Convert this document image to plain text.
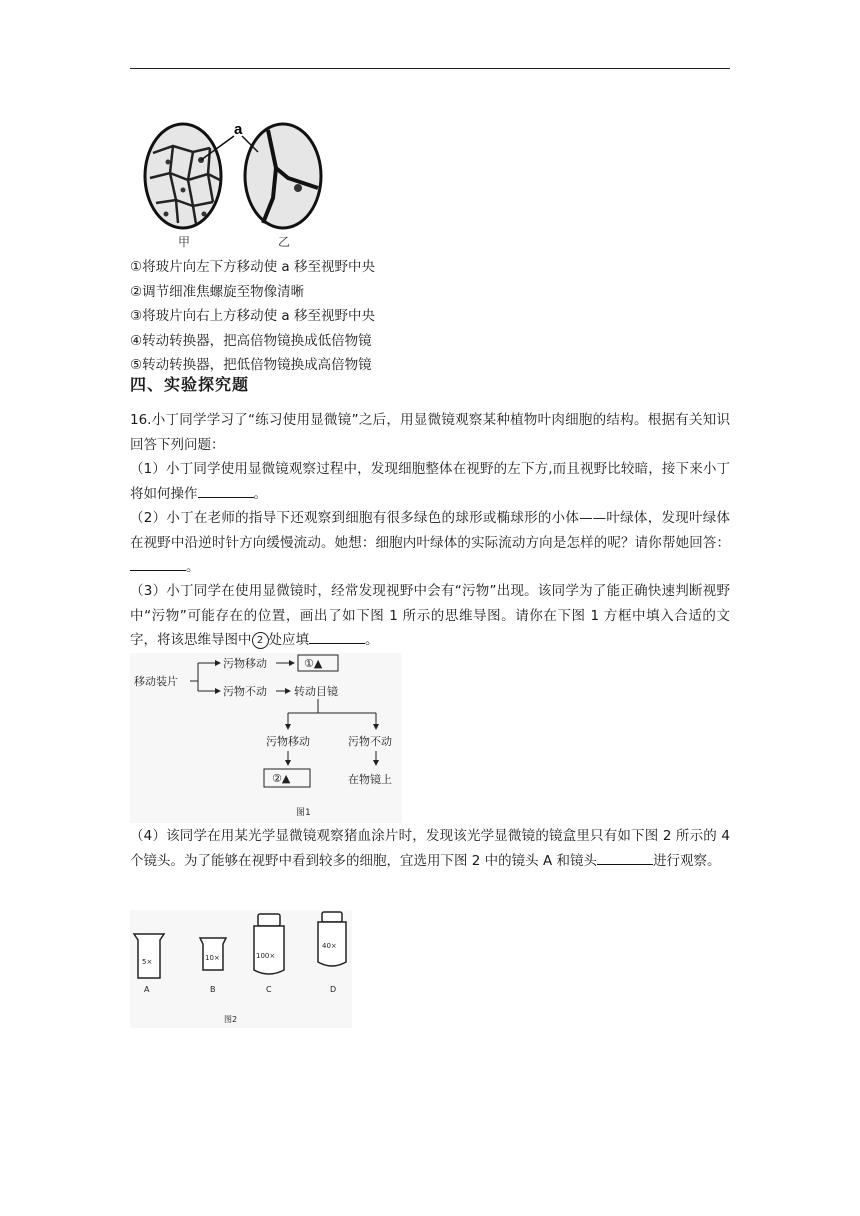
a
甲	乙
①将玻片向左下方移动使 a 移至视野中央
②调节细准焦螺旋至物像清晰
③将玻片向右上方移动使 a 移至视野中央
④转动转换器，把高倍物镜换成低倍物镜
⑤转动转换器，把低倍物镜换成高倍物镜
四、实验探究题
16.小丁同学学习了“练习使用显微镜”之后，用显微镜观察某种植物叶肉细胞的结构。根据有关知识回答下列问题：
（1）小丁同学使用显微镜观察过程中，发现细胞整体在视野的左下方,而且视野比较暗，接下来小丁将如何操作	。
（2）小丁在老师的指导下还观察到细胞有很多绿色的球形或椭球形的小体——叶绿体，发现叶绿体在视野中沿逆时针方向缓慢流动。她想：细胞内叶绿体的实际流动方向是怎样的呢？请你帮她回答：。
（3）小丁同学在使用显微镜时，经常发现视野中会有“污物”出现。该同学为了能正确快速判断视野中“污物”可能存在的位置，画出了如下图 1 所示的思维导图。请你在下图 1 方框中填入合适的文字，将该思维导图中 2 处应填	。
移动装片
污物移动	①▲
污物不动 转动目镜
污物移动	污物不动
②▲	在物镜上
图1
（4）该同学在用某光学显微镜观察猪血涂片时，发现该光学显微镜的镜盒里只有如下图 2 所示的 4 个镜头。为了能够在视野中看到较多的细胞，宜选用下图 2 中的镜头 A 和镜头	进行观察。
5×
A
10×
B
100×
C
40×
D
图2
